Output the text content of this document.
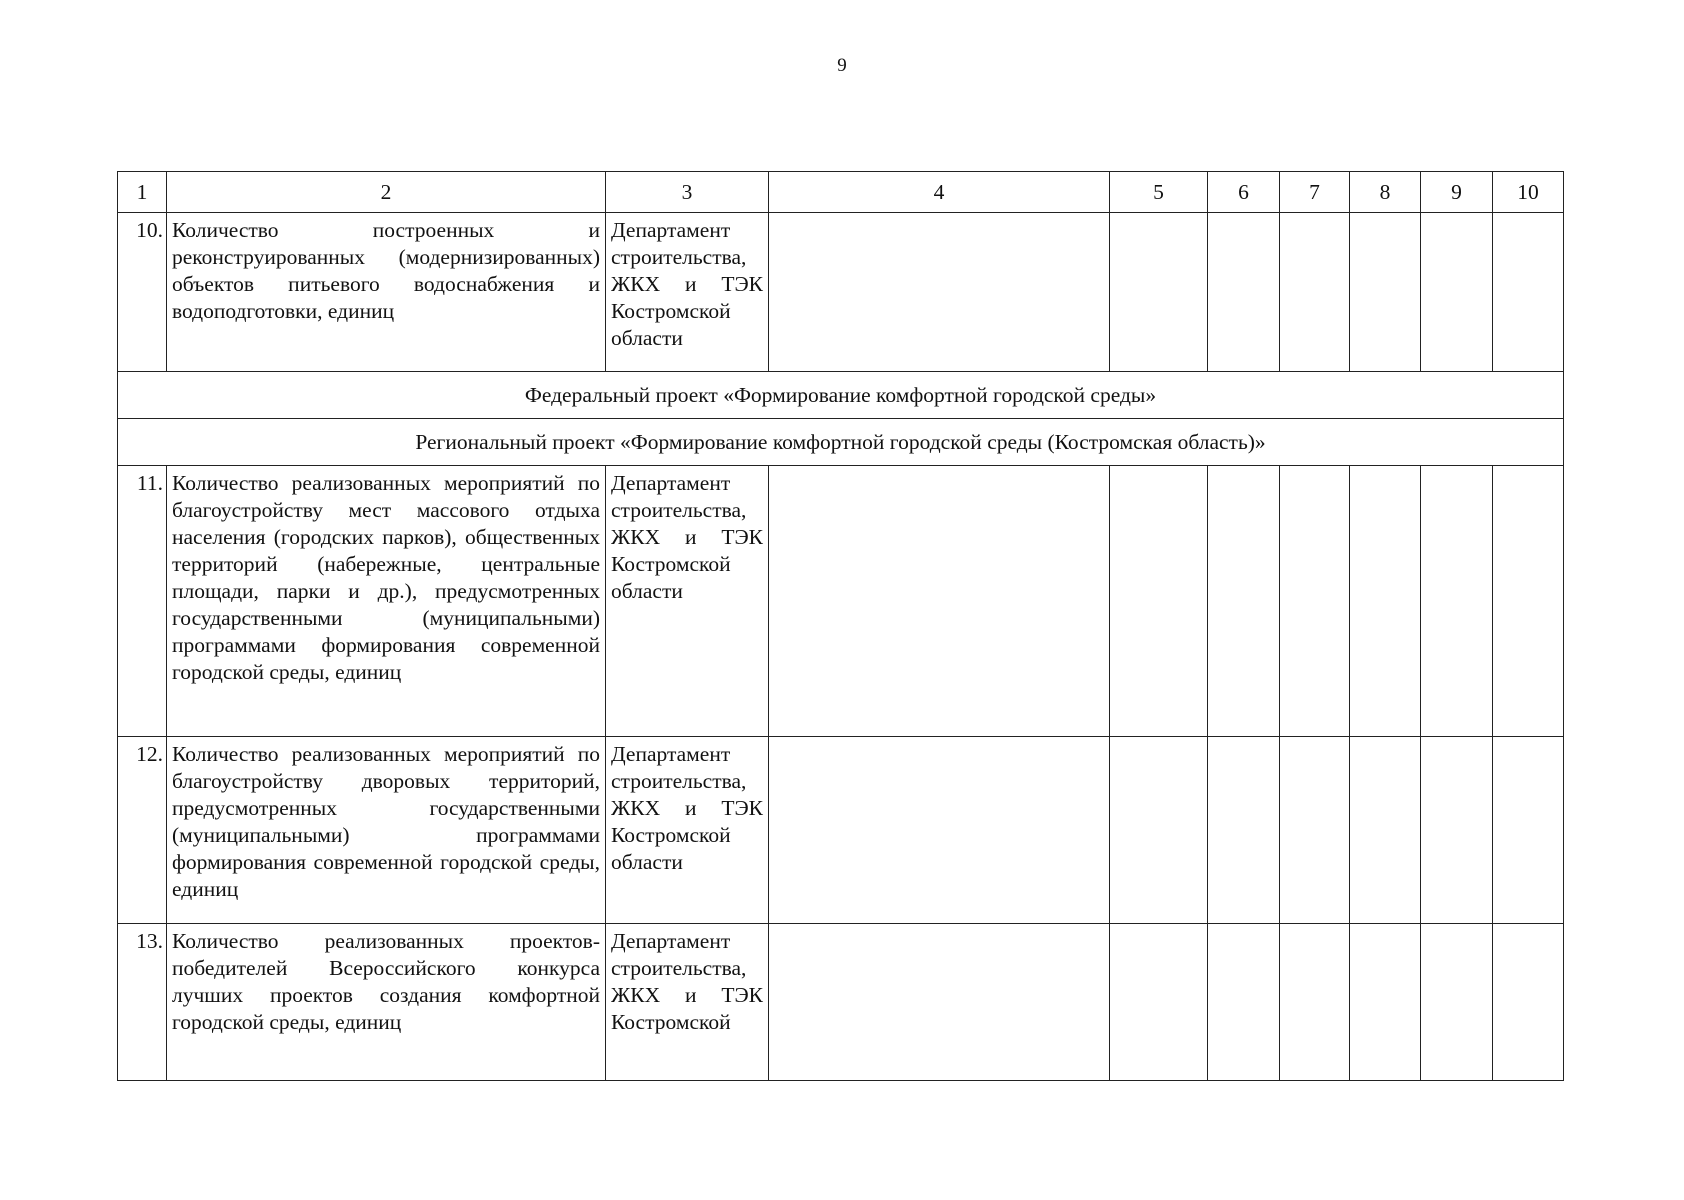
9
1	2	3	4	5	6	7	8	9	10
10.	Количество построенных и реконструированных (модернизированных) объектов питьевого водоснабжения и водоподготовки, единиц	Департамент строительства, ЖКХ и ТЭК Костромской области							
Федеральный проект «Формирование комфортной городской среды»									
Региональный проект «Формирование комфортной городской среды (Костромская область)»									
11.	Количество реализованных мероприятий по благоустройству мест массового отдыха населения (городских парков), общественных территорий (набережные, центральные площади, парки и др.), предусмотренных государственными (муниципальными) программами формирования современной городской среды, единиц	Департамент строительства, ЖКХ и ТЭК Костромской области							
12.	Количество реализованных мероприятий по благоустройству дворовых территорий, предусмотренных государственными (муниципальными) программами формирования современной городской среды, единиц	Департамент строительства, ЖКХ и ТЭК Костромской области							
13.	Количество реализованных проектов-победителей Всероссийского конкурса лучших проектов создания комфортной городской среды, единиц	Департамент строительства, ЖКХ и ТЭК Костромской							
